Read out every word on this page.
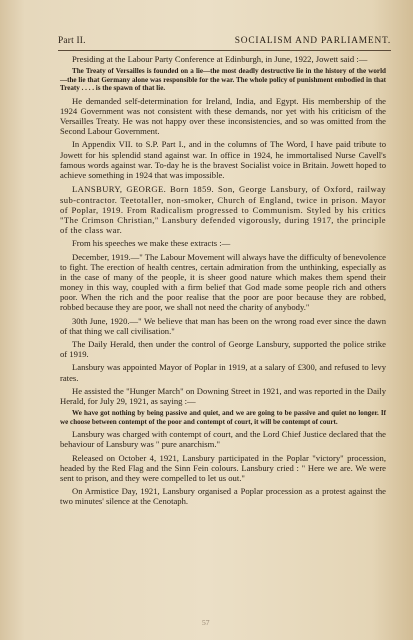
Part II.	SOCIALISM AND PARLIAMENT.

Presiding at the Labour Party Conference at Edinburgh, in June, 1922, Jowett said :—

The Treaty of Versailles is founded on a lie—the most deadly destructive lie in the history of the world—the lie that Germany alone was responsible for the war. The whole policy of punishment embodied in that Treaty . . . . is the spawn of that lie.

He demanded self-determination for Ireland, India, and Egypt. His membership of the 1924 Government was not consistent with these demands, nor yet with his criticism of the Versailles Treaty. He was not happy over these inconsistencies, and so was omitted from the Second Labour Government.

In Appendix VII. to S.P. Part I., and in the columns of The Word, I have paid tribute to Jowett for his splendid stand against war. In office in 1924, he immortalised Nurse Cavell's famous words against war. To-day he is the bravest Socialist voice in Britain. Jowett hoped to achieve something in 1924 that was impossible.

LANSBURY, GEORGE. Born 1859. Son, George Lansbury, of Oxford, railway sub-contractor. Teetotaller, non-smoker, Church of England, twice in prison. Mayor of Poplar, 1919. From Radicalism progressed to Communism. Styled by his critics "The Crimson Christian," Lansbury defended vigorously, during 1917, the principle of the class war.

From his speeches we make these extracts :—

December, 1919.—" The Labour Movement will always have the difficulty of benevolence to fight. The erection of health centres, certain admiration from the unthinking, especially as in the case of many of the people, it is sheer good nature which makes them spend their money in this way, coupled with a firm belief that God made some people rich and others poor. When the rich and the poor realise that the poor are poor because they are robbed, robbed because they are poor, we shall not need the charity of anybody."

30th June, 1920.—" We believe that man has been on the wrong road ever since the dawn of that thing we call civilisation."

The Daily Herald, then under the control of George Lansbury, supported the police strike of 1919.

Lansbury was appointed Mayor of Poplar in 1919, at a salary of £300, and refused to levy rates.

He assisted the "Hunger March" on Downing Street in 1921, and was reported in the Daily Herald, for July 29, 1921, as saying :—

We have got nothing by being passive and quiet, and we are going to be passive and quiet no longer. If we choose between contempt of the poor and contempt of court, it will be contempt of court.

Lansbury was charged with contempt of court, and the Lord Chief Justice declared that the behaviour of Lansbury was " pure anarchism."

Released on October 4, 1921, Lansbury participated in the Poplar "victory" procession, headed by the Red Flag and the Sinn Fein colours. Lansbury cried : " Here we are. We were sent to prison, and they were compelled to let us out."

On Armistice Day, 1921, Lansbury organised a Poplar procession as a protest against the two minutes' silence at the Cenotaph.

57
